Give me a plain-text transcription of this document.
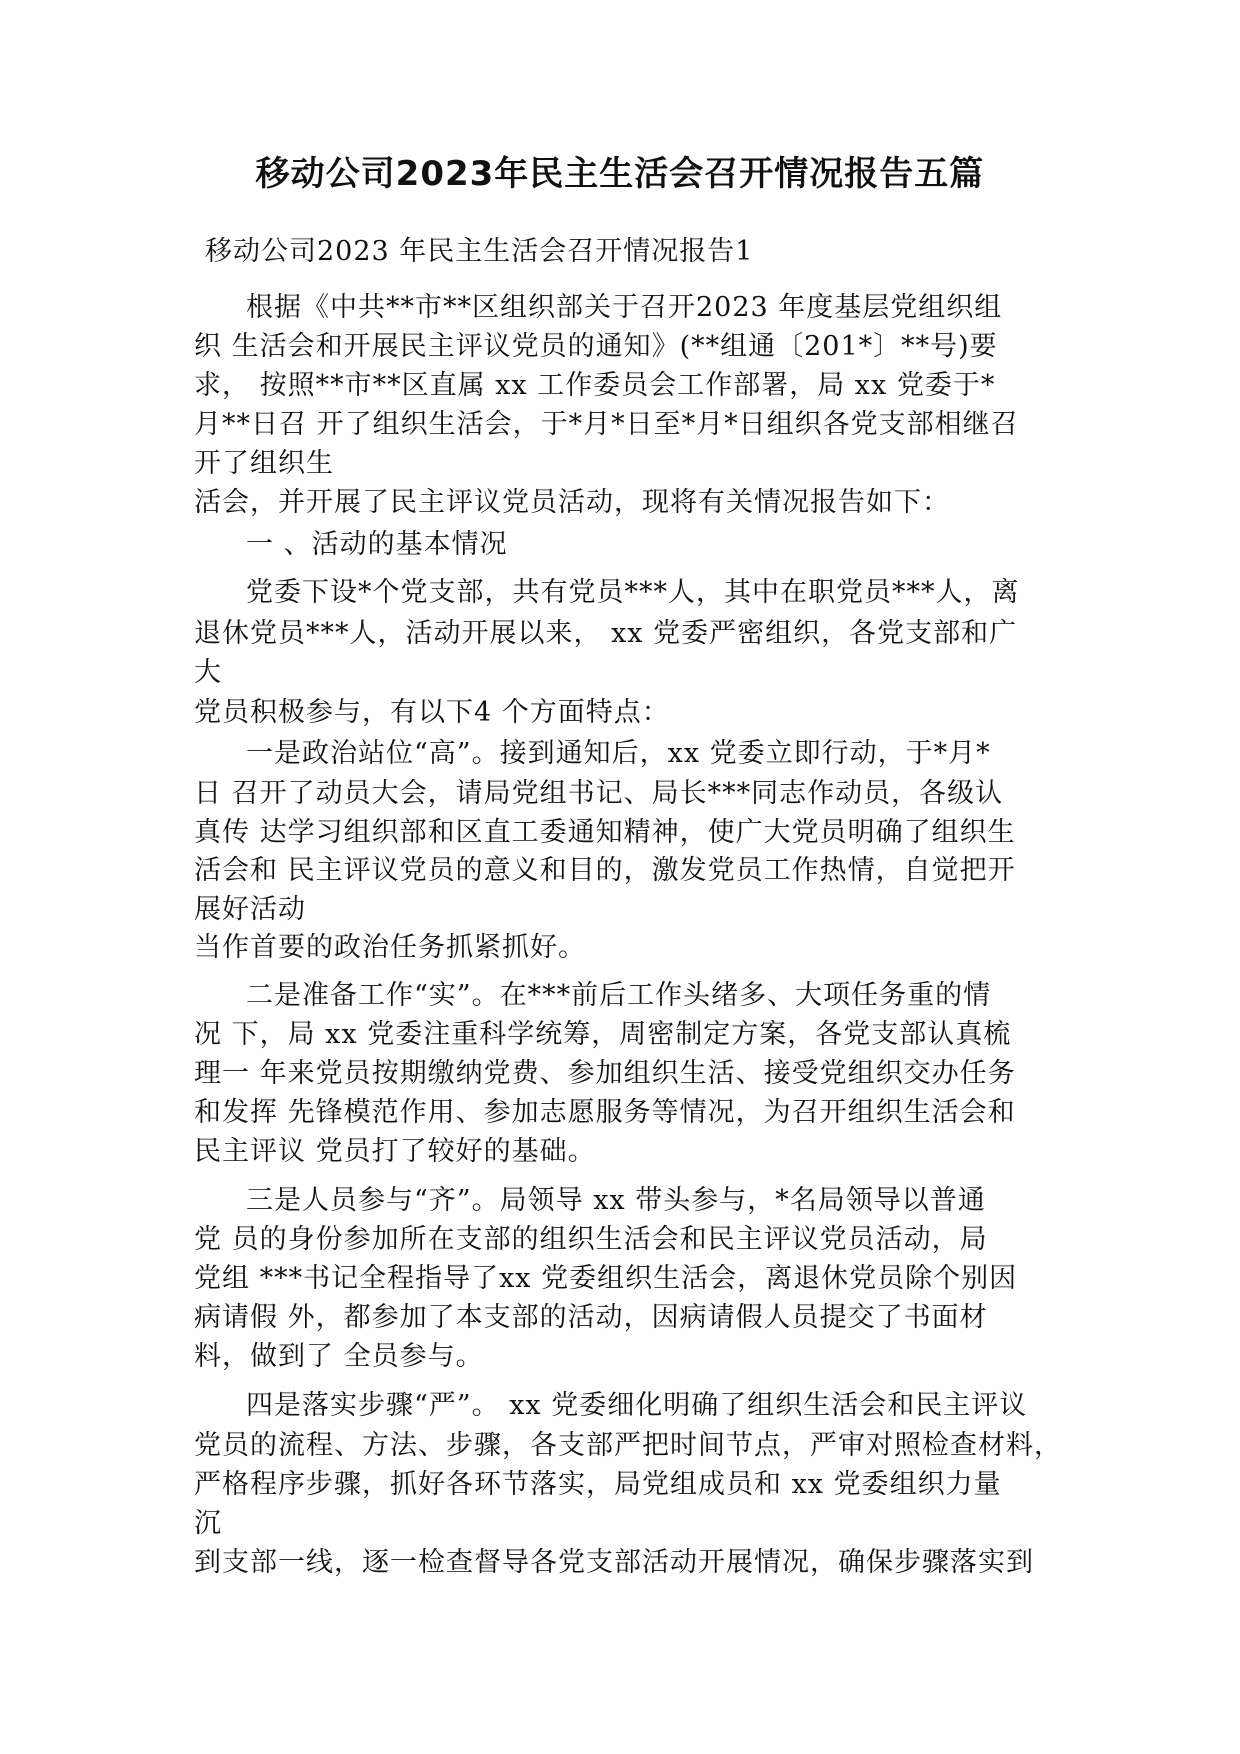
移动公司2023年民主生活会召开情况报告五篇
移动公司2023 年民主生活会召开情况报告1
根据《中共**市**区组织部关于召开2023 年度基层党组织组
织 生活会和开展民主评议党员的通知》(**组通〔201*〕**号)要
求， 按照**市**区直属 xx 工作委员会工作部署，局 xx 党委于*
月**日召 开了组织生活会，于*月*日至*月*日组织各党支部相继召
开了组织生
活会，并开展了民主评议党员活动，现将有关情况报告如下：
一 、活动的基本情况
党委下设*个党支部，共有党员***人，其中在职党员***人，离
退休党员***人，活动开展以来， xx 党委严密组织，各党支部和广
大
党员积极参与，有以下4 个方面特点：
一是政治站位“高”。接到通知后，xx 党委立即行动，于*月*
日 召开了动员大会，请局党组书记、局长***同志作动员，各级认
真传 达学习组织部和区直工委通知精神，使广大党员明确了组织生
活会和 民主评议党员的意义和目的，激发党员工作热情，自觉把开
展好活动
当作首要的政治任务抓紧抓好。
二是准备工作“实”。在***前后工作头绪多、大项任务重的情
况 下，局 xx 党委注重科学统筹，周密制定方案，各党支部认真梳
理一 年来党员按期缴纳党费、参加组织生活、接受党组织交办任务
和发挥 先锋模范作用、参加志愿服务等情况，为召开组织生活会和
民主评议 党员打了较好的基础。
三是人员参与“齐”。局领导 xx 带头参与，*名局领导以普通
党 员的身份参加所在支部的组织生活会和民主评议党员活动，局
党组 ***书记全程指导了xx 党委组织生活会，离退休党员除个别因
病请假 外，都参加了本支部的活动，因病请假人员提交了书面材
料，做到了 全员参与。
四是落实步骤“严”。 xx 党委细化明确了组织生活会和民主评议
党员的流程、方法、步骤，各支部严把时间节点，严审对照检查材料，
严格程序步骤，抓好各环节落实，局党组成员和 xx 党委组织力量
沉
到支部一线，逐一检查督导各党支部活动开展情况，确保步骤落实到
